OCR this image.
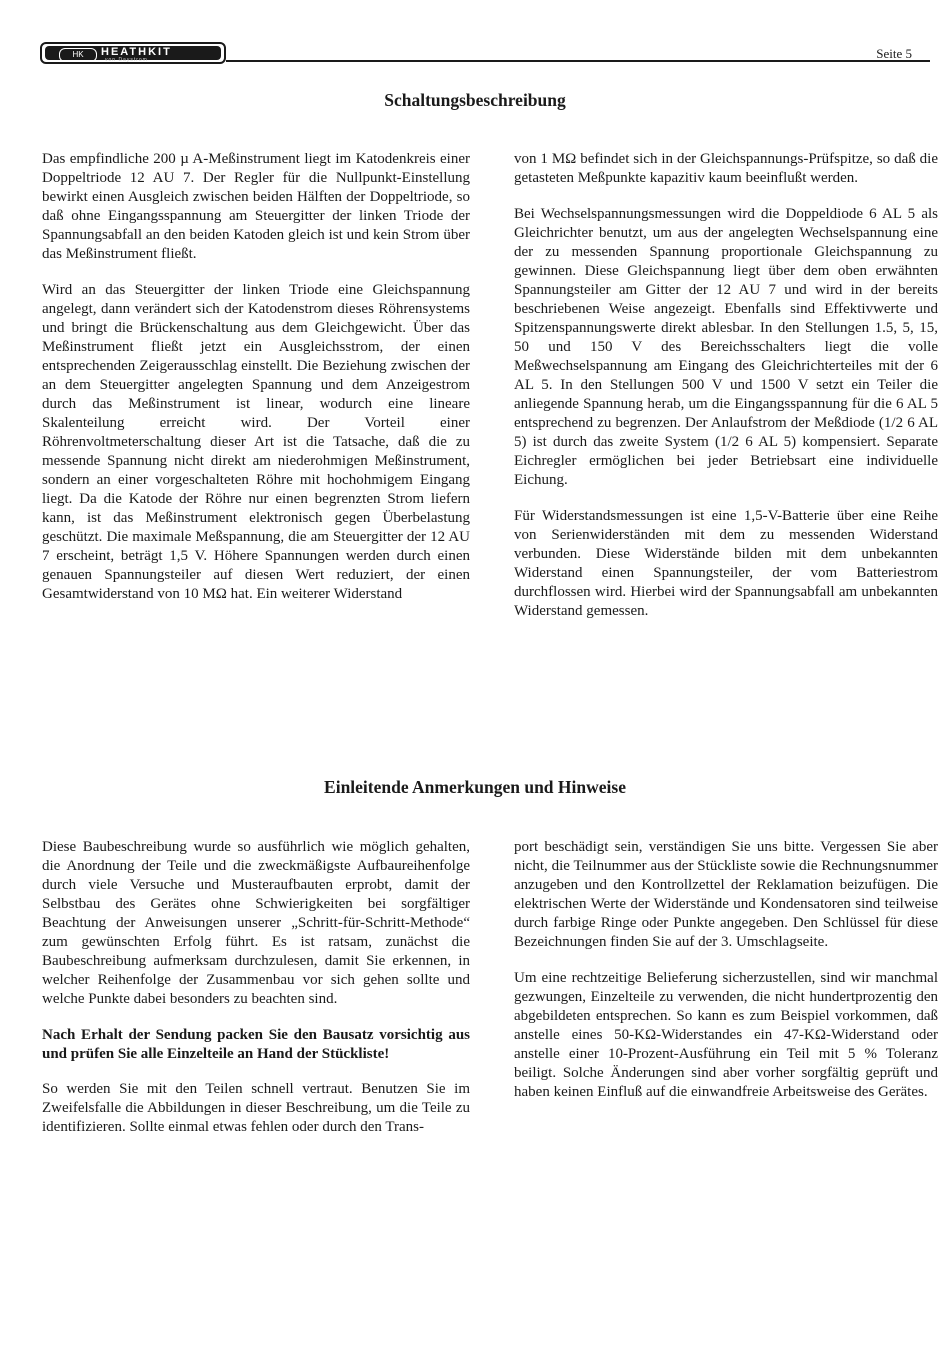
HK	HEATHKIT
von Daystrom	Seite 5
Schaltungsbeschreibung

Das empfindliche 200 µ A-Meßinstrument liegt im Katodenkreis einer Doppeltriode 12 AU 7. Der Regler für die Nullpunkt-Einstellung bewirkt einen Ausgleich zwischen beiden Hälften der Doppeltriode, so daß ohne Eingangsspannung am Steuergitter der linken Triode der Spannungsabfall an den beiden Katoden gleich ist und kein Strom über das Meßinstrument fließt.

Wird an das Steuergitter der linken Triode eine Gleichspannung angelegt, dann verändert sich der Katodenstrom dieses Röhrensystems und bringt die Brückenschaltung aus dem Gleichgewicht. Über das Meßinstrument fließt jetzt ein Ausgleichsstrom, der einen entsprechenden Zeigerausschlag einstellt. Die Beziehung zwischen der an dem Steuergitter angelegten Spannung und dem Anzeigestrom durch das Meßinstrument ist linear, wodurch eine lineare Skalenteilung erreicht wird. Der Vorteil einer Röhrenvoltmeterschaltung dieser Art ist die Tatsache, daß die zu messende Spannung nicht direkt am niederohmigen Meßinstrument, sondern an einer vorgeschalteten Röhre mit hochohmigem Eingang liegt. Da die Katode der Röhre nur einen begrenzten Strom liefern kann, ist das Meßinstrument elektronisch gegen Überbelastung geschützt. Die maximale Meßspannung, die am Steuergitter der 12 AU 7 erscheint, beträgt 1,5 V. Höhere Spannungen werden durch einen genauen Spannungsteiler auf diesen Wert reduziert, der einen Gesamtwiderstand von 10 MΩ hat. Ein weiterer Widerstand

von 1 MΩ befindet sich in der Gleichspannungs-Prüfspitze, so daß die getasteten Meßpunkte kapazitiv kaum beeinflußt werden.

Bei Wechselspannungsmessungen wird die Doppeldiode 6 AL 5 als Gleichrichter benutzt, um aus der angelegten Wechselspannung eine der zu messenden Spannung proportionale Gleichspannung zu gewinnen. Diese Gleichspannung liegt über dem oben erwähnten Spannungsteiler am Gitter der 12 AU 7 und wird in der bereits beschriebenen Weise angezeigt. Ebenfalls sind Effektivwerte und Spitzenspannungswerte direkt ablesbar. In den Stellungen 1.5, 5, 15, 50 und 150 V des Bereichsschalters liegt die volle Meßwechselspannung am Eingang des Gleichrichterteiles mit der 6 AL 5. In den Stellungen 500 V und 1500 V setzt ein Teiler die anliegende Spannung herab, um die Eingangsspannung für die 6 AL 5 entsprechend zu begrenzen. Der Anlaufstrom der Meßdiode (1/2 6 AL 5) ist durch das zweite System (1/2 6 AL 5) kompensiert. Separate Eichregler ermöglichen bei jeder Betriebsart eine individuelle Eichung.

Für Widerstandsmessungen ist eine 1,5-V-Batterie über eine Reihe von Serienwiderständen mit dem zu messenden Widerstand verbunden. Diese Widerstände bilden mit dem unbekannten Widerstand einen Spannungsteiler, der vom Batteriestrom durchflossen wird. Hierbei wird der Spannungsabfall am unbekannten Widerstand gemessen.

Einleitende Anmerkungen und Hinweise

Diese Baubeschreibung wurde so ausführlich wie möglich gehalten, die Anordnung der Teile und die zweckmäßigste Aufbaureihenfolge durch viele Versuche und Musteraufbauten erprobt, damit der Selbstbau des Gerätes ohne Schwierigkeiten bei sorgfältiger Beachtung der Anweisungen unserer „Schritt-für-Schritt-Methode“ zum gewünschten Erfolg führt. Es ist ratsam, zunächst die Baubeschreibung aufmerksam durchzulesen, damit Sie erkennen, in welcher Reihenfolge der Zusammenbau vor sich gehen sollte und welche Punkte dabei besonders zu beachten sind.

Nach Erhalt der Sendung packen Sie den Bausatz vorsichtig aus und prüfen Sie alle Einzelteile an Hand der Stückliste!

So werden Sie mit den Teilen schnell vertraut. Benutzen Sie im Zweifelsfalle die Abbildungen in dieser Beschreibung, um die Teile zu identifizieren. Sollte einmal etwas fehlen oder durch den Trans-

port beschädigt sein, verständigen Sie uns bitte. Vergessen Sie aber nicht, die Teilnummer aus der Stückliste sowie die Rechnungsnummer anzugeben und den Kontrollzettel der Reklamation beizufügen. Die elektrischen Werte der Widerstände und Kondensatoren sind teilweise durch farbige Ringe oder Punkte angegeben. Den Schlüssel für diese Bezeichnungen finden Sie auf der 3. Umschlagseite.

Um eine rechtzeitige Belieferung sicherzustellen, sind wir manchmal gezwungen, Einzelteile zu verwenden, die nicht hundertprozentig den abgebildeten entsprechen. So kann es zum Beispiel vorkommen, daß anstelle eines 50-KΩ-Widerstandes ein 47-KΩ-Widerstand oder anstelle einer 10-Prozent-Ausführung ein Teil mit 5 % Toleranz beiligt. Solche Änderungen sind aber vorher sorgfältig geprüft und haben keinen Einfluß auf die einwandfreie Arbeitsweise des Gerätes.
